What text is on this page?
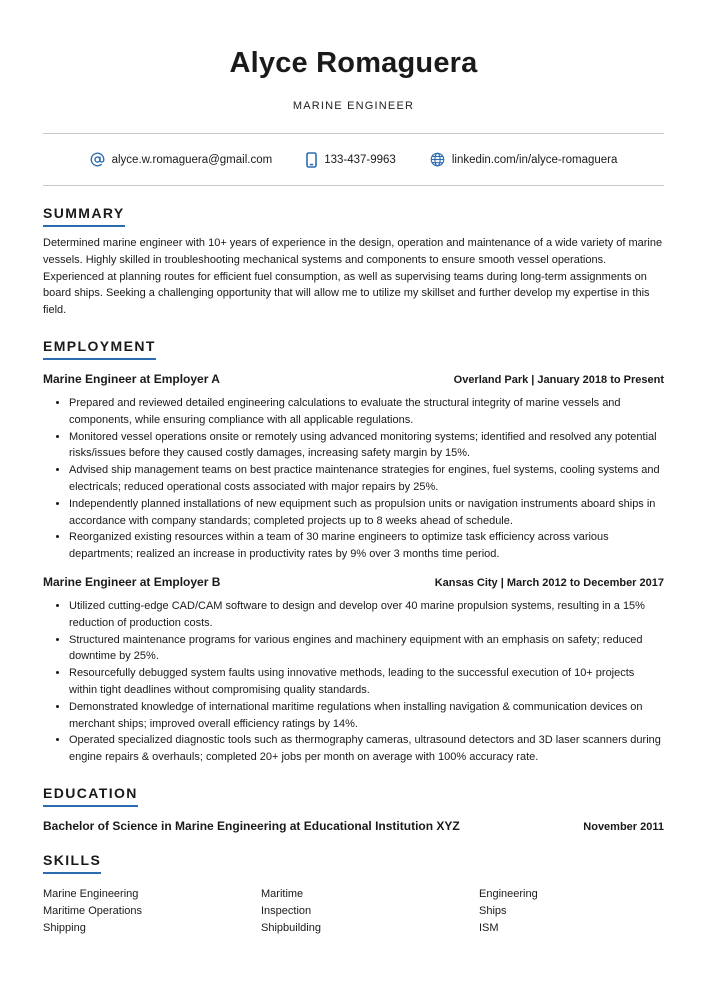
Alyce Romaguera
MARINE ENGINEER
alyce.w.romaguera@gmail.com	133-437-9963	linkedin.com/in/alyce-romaguera
SUMMARY
Determined marine engineer with 10+ years of experience in the design, operation and maintenance of a wide variety of marine vessels. Highly skilled in troubleshooting mechanical systems and components to ensure smooth vessel operations. Experienced at planning routes for efficient fuel consumption, as well as supervising teams during long-term assignments on board ships. Seeking a challenging opportunity that will allow me to utilize my skillset and further develop my expertise in this field.
EMPLOYMENT
Marine Engineer at Employer A	Overland Park | January 2018 to Present
• Prepared and reviewed detailed engineering calculations to evaluate the structural integrity of marine vessels and components, while ensuring compliance with all applicable regulations.
• Monitored vessel operations onsite or remotely using advanced monitoring systems; identified and resolved any potential risks/issues before they caused costly damages, increasing safety margin by 15%.
• Advised ship management teams on best practice maintenance strategies for engines, fuel systems, cooling systems and electricals; reduced operational costs associated with major repairs by 25%.
• Independently planned installations of new equipment such as propulsion units or navigation instruments aboard ships in accordance with company standards; completed projects up to 8 weeks ahead of schedule.
• Reorganized existing resources within a team of 30 marine engineers to optimize task efficiency across various departments; realized an increase in productivity rates by 9% over 3 months time period.
Marine Engineer at Employer B	Kansas City | March 2012 to December 2017
• Utilized cutting-edge CAD/CAM software to design and develop over 40 marine propulsion systems, resulting in a 15% reduction of production costs.
• Structured maintenance programs for various engines and machinery equipment with an emphasis on safety; reduced downtime by 25%.
• Resourcefully debugged system faults using innovative methods, leading to the successful execution of 10+ projects within tight deadlines without compromising quality standards.
• Demonstrated knowledge of international maritime regulations when installing navigation & communication devices on merchant ships; improved overall efficiency ratings by 14%.
• Operated specialized diagnostic tools such as thermography cameras, ultrasound detectors and 3D laser scanners during engine repairs & overhauls; completed 20+ jobs per month on average with 100% accuracy rate.
EDUCATION
Bachelor of Science in Marine Engineering at Educational Institution XYZ	November 2011
SKILLS
Marine Engineering	Maritime	Engineering
Maritime Operations	Inspection	Ships
Shipping	Shipbuilding	ISM
